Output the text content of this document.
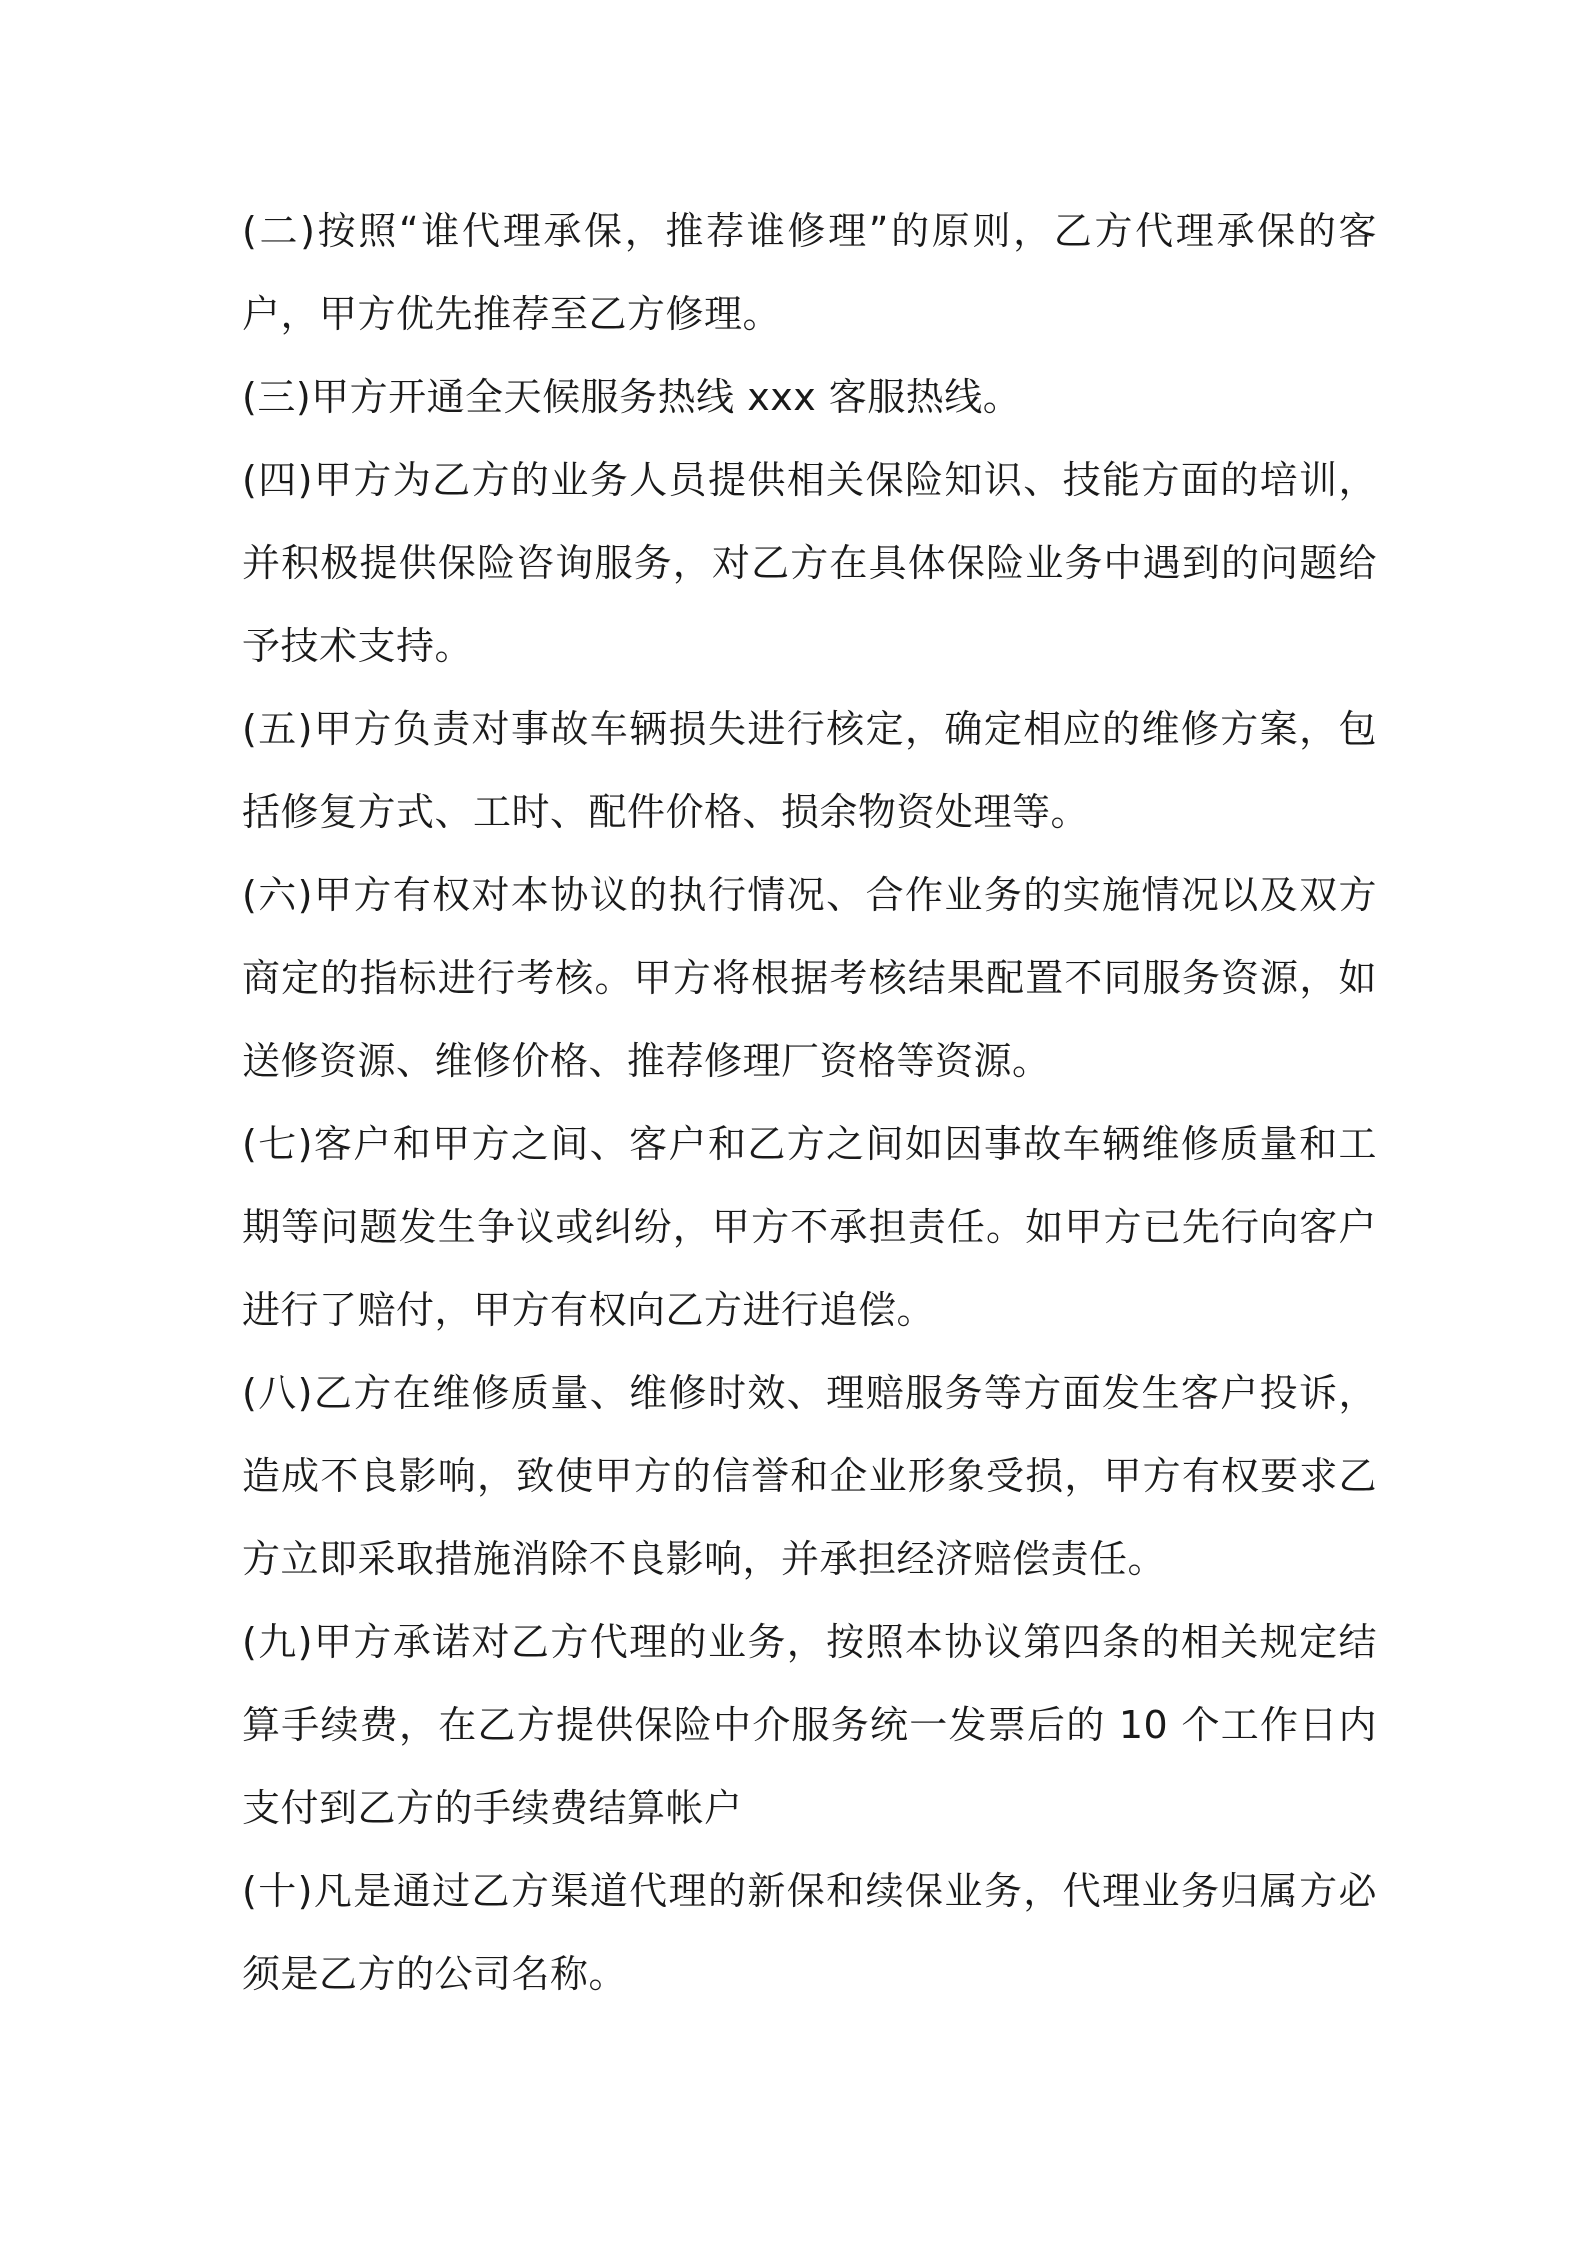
(二)按照“谁代理承保，推荐谁修理”的原则，乙方代理承保的客户，甲方优先推荐至乙方修理。

(三)甲方开通全天候服务热线 xxx 客服热线。

(四)甲方为乙方的业务人员提供相关保险知识、技能方面的培训，并积极提供保险咨询服务，对乙方在具体保险业务中遇到的问题给予技术支持。

(五)甲方负责对事故车辆损失进行核定，确定相应的维修方案，包括修复方式、工时、配件价格、损余物资处理等。

(六)甲方有权对本协议的执行情况、合作业务的实施情况以及双方商定的指标进行考核。甲方将根据考核结果配置不同服务资源，如送修资源、维修价格、推荐修理厂资格等资源。

(七)客户和甲方之间、客户和乙方之间如因事故车辆维修质量和工期等问题发生争议或纠纷，甲方不承担责任。如甲方已先行向客户进行了赔付，甲方有权向乙方进行追偿。

(八)乙方在维修质量、维修时效、理赔服务等方面发生客户投诉，造成不良影响，致使甲方的信誉和企业形象受损，甲方有权要求乙方立即采取措施消除不良影响，并承担经济赔偿责任。

(九)甲方承诺对乙方代理的业务，按照本协议第四条的相关规定结算手续费，在乙方提供保险中介服务统一发票后的 10 个工作日内支付到乙方的手续费结算帐户

(十)凡是通过乙方渠道代理的新保和续保业务，代理业务归属方必须是乙方的公司名称。
